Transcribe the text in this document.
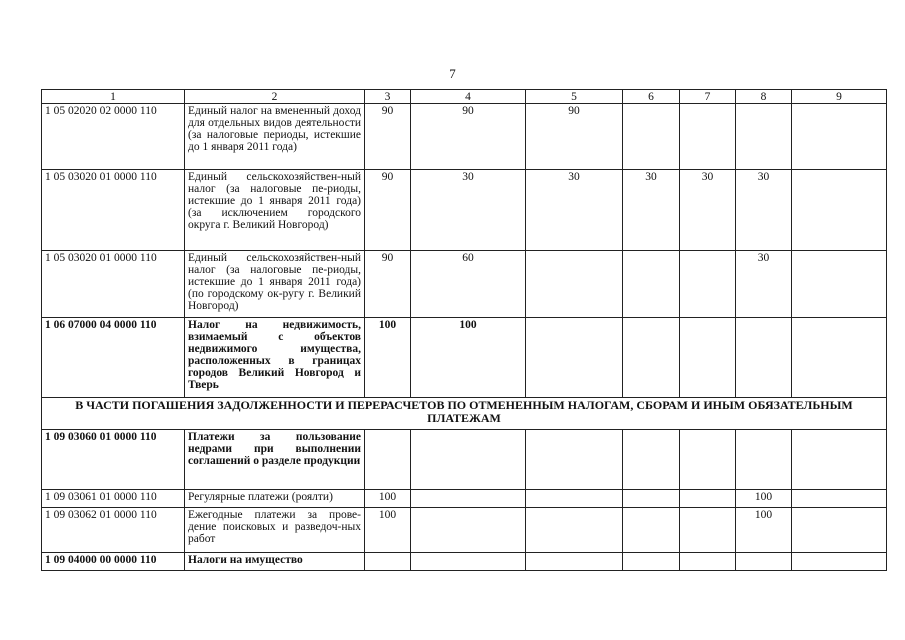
7
1	2	3	4	5	6	7	8	9
1 05 02020 02 0000 110	Единый налог на вмененный доход для отдельных видов деятельности (за налоговые периоды, истекшие до 1 января 2011 года)	90	90	90				
1 05 03020 01 0000 110	Единый сельскохозяйствен-ный налог (за налоговые пе-риоды, истекшие до 1 января 2011 года) (за исключением городского округа г. Великий Новгород)	90	30	30	30	30	30	
1 05 03020 01 0000 110	Единый сельскохозяйствен-ный налог (за налоговые пе-риоды, истекшие до 1 января 2011 года) (по городскому ок-ругу г. Великий Новгород)	90	60				30	
1 06 07000 04 0000 110	Налог на недвижимость, взимаемый с объектов недвижимого имущества, расположенных в границах городов Великий Новгород и Тверь	100	100					
В ЧАСТИ ПОГАШЕНИЯ ЗАДОЛЖЕННОСТИ И ПЕРЕРАСЧЕТОВ ПО ОТМЕНЕННЫМ НАЛОГАМ, СБОРАМ И ИНЫМ ОБЯЗАТЕЛЬНЫМ ПЛАТЕЖАМ								
1 09 03060 01 0000 110	Платежи за пользование недрами при выполнении соглашений о разделе продукции							
1 09 03061 01 0000 110	Регулярные платежи (роялти)	100					100	
1 09 03062 01 0000 110	Ежегодные платежи за прове-дение поисковых и разведоч-ных работ	100					100	
1 09 04000 00 0000 110	Налоги на имущество							
